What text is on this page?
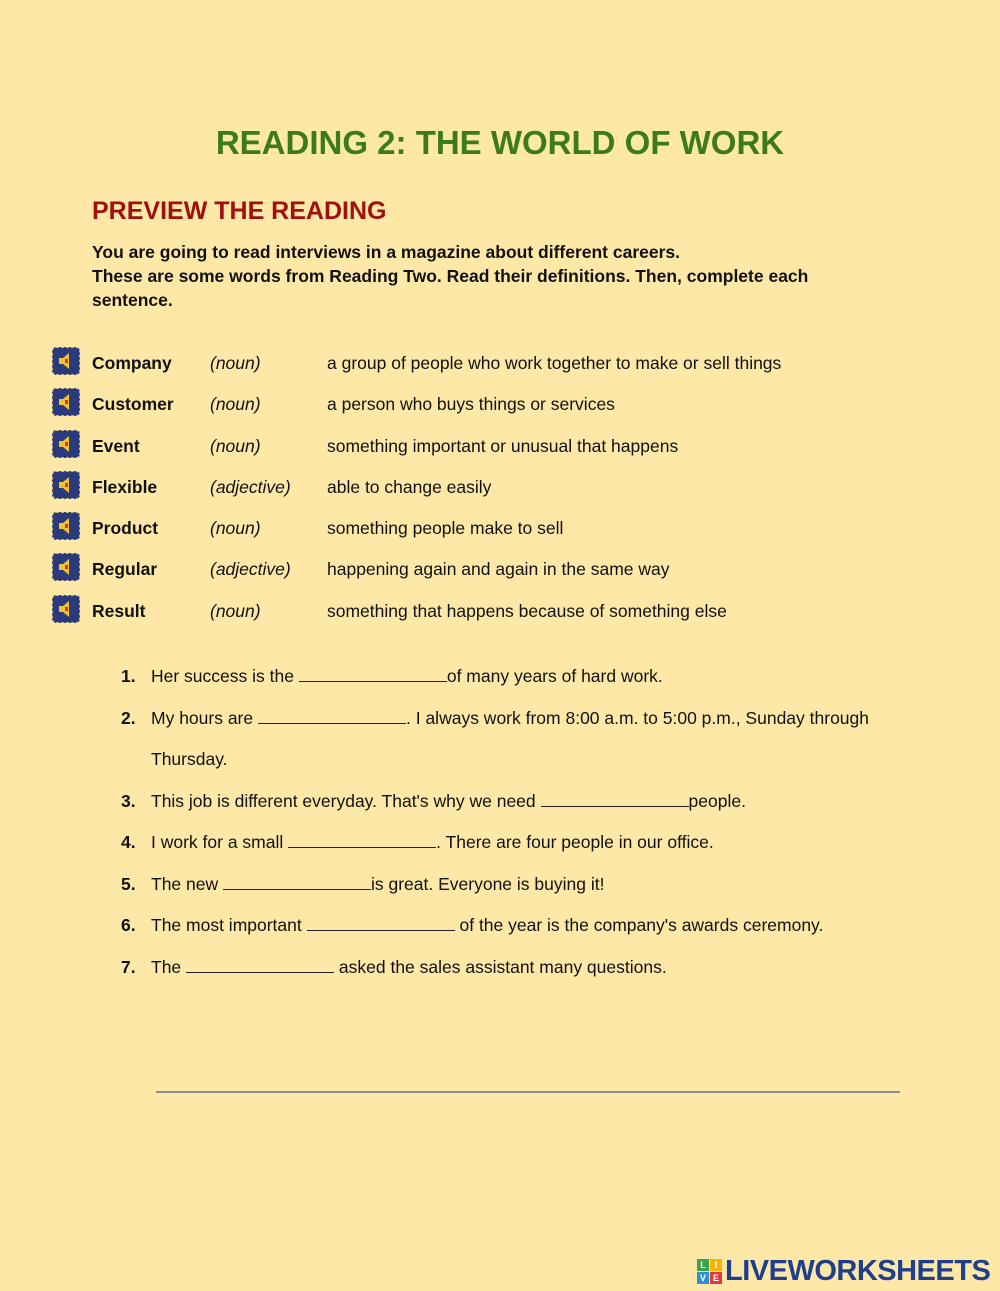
READING 2: THE WORLD OF WORK
PREVIEW THE READING
You are going to read interviews in a magazine about different careers.
These are some words from Reading Two. Read their definitions. Then, complete each sentence.
Company (noun)	a group of people who work together to make or sell things
Customer (noun)	a person who buys things or services
Event	(noun)	something important or unusual that happens
Flexible	(adjective) able to change easily
Product	(noun)	something people make to sell
Regular	(adjective) happening again and again in the same way
Result	(noun)	something that happens because of something else
1. Her success is the	of many years of hard work.
2. My hours are	. I always work from 8:00 a.m. to 5:00 p.m., Sunday through Thursday.
3. This job is different everyday. That's why we need	people.
4. I work for a small	. There are four people in our office.
5. The new	is great. Everyone is buying it!
6. The most important	of the year is the company's awards ceremony.
7. The	asked the sales assistant many questions.
L I
V E LIVEWORKSHEETS
